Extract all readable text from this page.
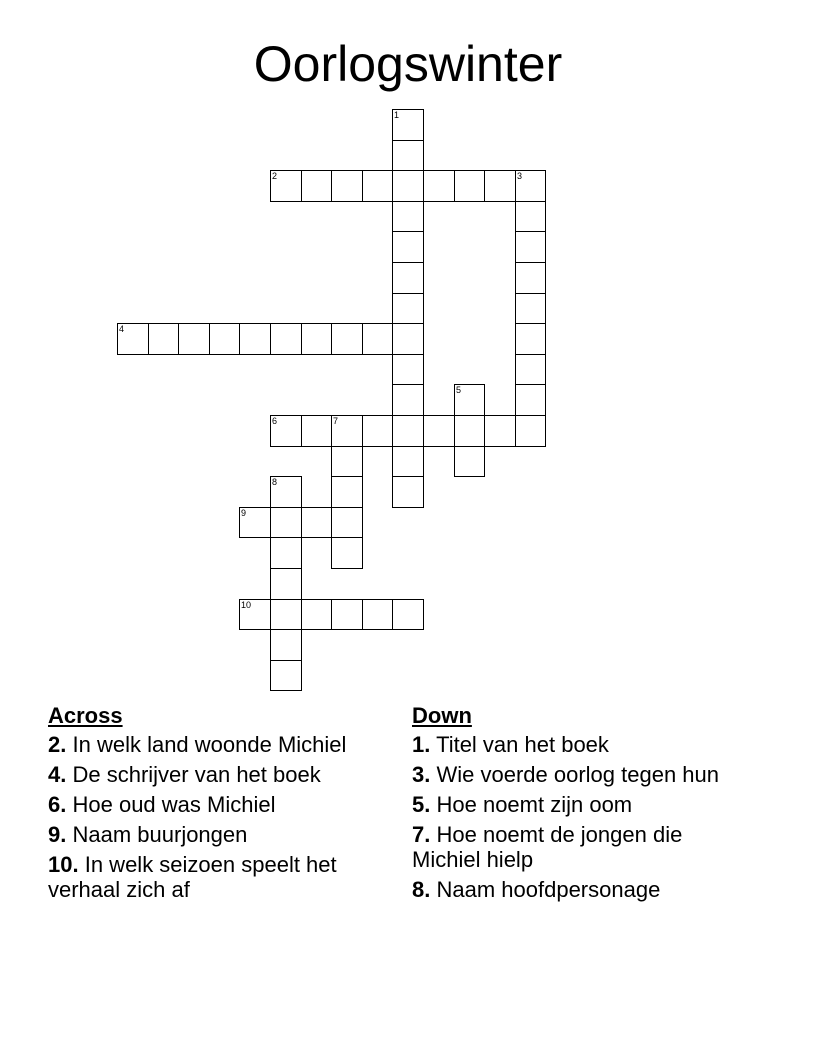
Oorlogswinter
1
2	3
4
5
6	7
8
9
10
Across
2. In welk land woonde Michiel
4. De schrijver van het boek
6. Hoe oud was Michiel
9. Naam buurjongen
10. In welk seizoen speelt het verhaal zich af
Down
1. Titel van het boek
3. Wie voerde oorlog tegen hun
5. Hoe noemt zijn oom
7. Hoe noemt de jongen die Michiel hielp
8. Naam hoofdpersonage
